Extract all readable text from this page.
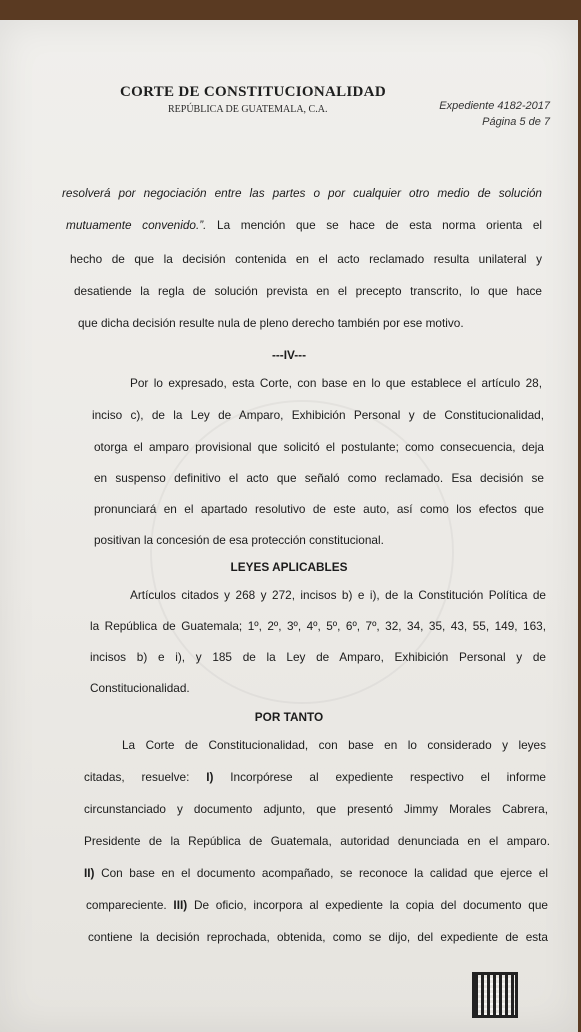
CORTE DE CONSTITUCIONALIDAD
REPÚBLICA DE GUATEMALA, C.A.	Expediente 4182-2017
Página 5 de 7
resolverá por negociación entre las partes o por cualquier otro medio de solución
mutuamente convenido.”. La mención que se hace de esta norma orienta el
hecho de que la decisión contenida en el acto reclamado resulta unilateral y
desatiende la regla de solución prevista en el precepto transcrito, lo que hace
que dicha decisión resulte nula de pleno derecho también por ese motivo.
---IV---
Por lo expresado, esta Corte, con base en lo que establece el artículo 28,
inciso c), de la Ley de Amparo, Exhibición Personal y de Constitucionalidad,
otorga el amparo provisional que solicitó el postulante; como consecuencia, deja
en suspenso definitivo el acto que señaló como reclamado. Esa decisión se
pronunciará en el apartado resolutivo de este auto, así como los efectos que
positivan la concesión de esa protección constitucional.
LEYES APLICABLES
Artículos citados y 268 y 272, incisos b) e i), de la Constitución Política de
la República de Guatemala; 1º, 2º, 3º, 4º, 5º, 6º, 7º, 32, 34, 35, 43, 55, 149, 163,
incisos b) e i), y 185 de la Ley de Amparo, Exhibición Personal y de
Constitucionalidad.
POR TANTO
La Corte de Constitucionalidad, con base en lo considerado y leyes
citadas, resuelve: I) Incorpórese al expediente respectivo el informe
circunstanciado y documento adjunto, que presentó Jimmy Morales Cabrera,
Presidente de la República de Guatemala, autoridad denunciada en el amparo.
II) Con base en el documento acompañado, se reconoce la calidad que ejerce el
compareciente. III) De oficio, incorpora al expediente la copia del documento que
contiene la decisión reprochada, obtenida, como se dijo, del expediente de esta
